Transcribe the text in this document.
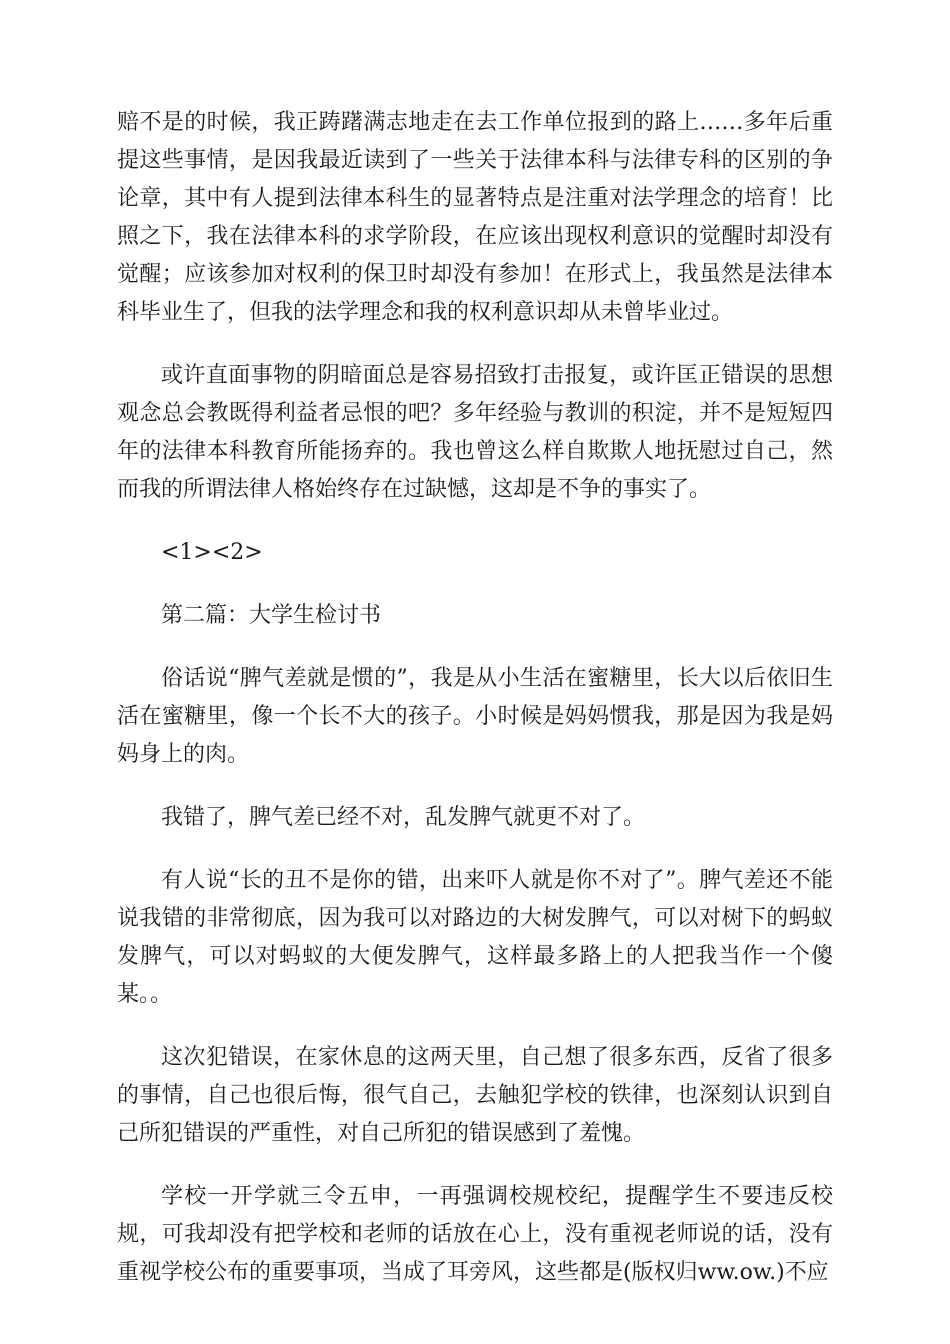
赔不是的时候，我正踌躇满志地走在去工作单位报到的路上……多年后重提这些事情，是因我最近读到了一些关于法律本科与法律专科的区别的争论章，其中有人提到法律本科生的显著特点是注重对法学理念的培育！比照之下，我在法律本科的求学阶段，在应该出现权利意识的觉醒时却没有觉醒；应该参加对权利的保卫时却没有参加！在形式上，我虽然是法律本科毕业生了，但我的法学理念和我的权利意识却从未曾毕业过。

或许直面事物的阴暗面总是容易招致打击报复，或许匡正错误的思想观念总会教既得利益者忌恨的吧？多年经验与教训的积淀，并不是短短四年的法律本科教育所能扬弃的。我也曾这么样自欺欺人地抚慰过自己，然而我的所谓法律人格始终存在过缺憾，这却是不争的事实了。

<1><2>

第二篇：大学生检讨书

俗话说“脾气差就是惯的”，我是从小生活在蜜糖里，长大以后依旧生活在蜜糖里，像一个长不大的孩子。小时候是妈妈惯我，那是因为我是妈妈身上的肉。

我错了，脾气差已经不对，乱发脾气就更不对了。

有人说“长的丑不是你的错，出来吓人就是你不对了”。脾气差还不能说我错的非常彻底，因为我可以对路边的大树发脾气，可以对树下的蚂蚁发脾气，可以对蚂蚁的大便发脾气，这样最多路上的人把我当作一个傻某。。

这次犯错误，在家休息的这两天里，自己想了很多东西，反省了很多的事情，自己也很后悔，很气自己，去触犯学校的铁律，也深刻认识到自己所犯错误的严重性，对自己所犯的错误感到了羞愧。

学校一开学就三令五申，一再强调校规校纪，提醒学生不要违反校规，可我却没有把学校和老师的话放在心上，没有重视老师说的话，没有重视学校公布的重要事项，当成了耳旁风，这些都是(版权归ww.ow.)不应
